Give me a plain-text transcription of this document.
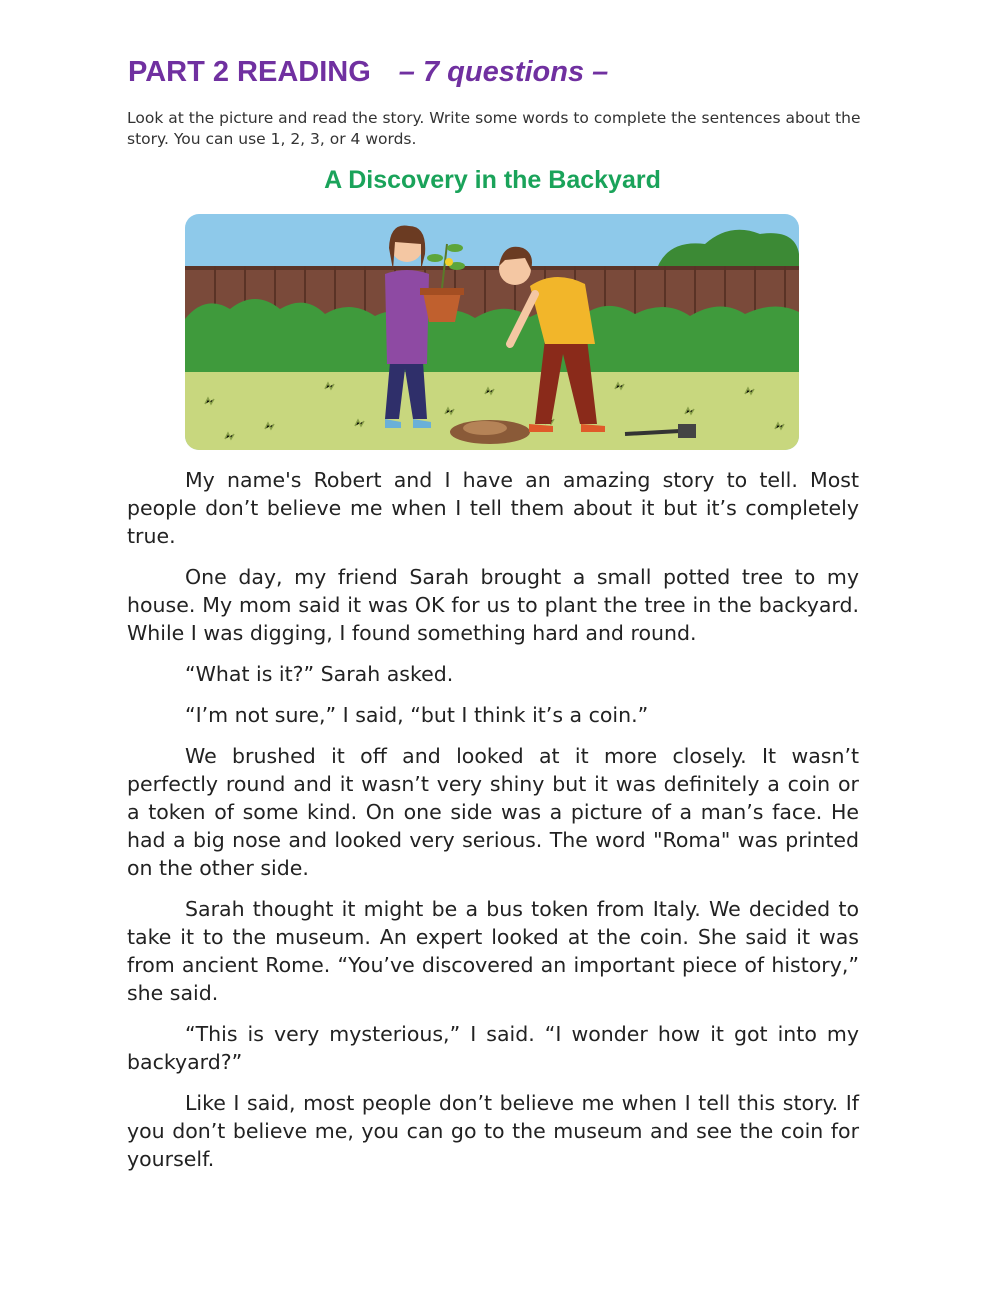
PART 2 READING – 7 questions –
Look at the picture and read the story. Write some words to complete the sentences about the story. You can use 1, 2, 3, or 4 words.
A Discovery in the Backyard

My name's Robert and I have an amazing story to tell. Most people don’t believe me when I tell them about it but it’s completely true.

One day, my friend Sarah brought a small potted tree to my house. My mom said it was OK for us to plant the tree in the backyard. While I was digging, I found something hard and round.

“What is it?” Sarah asked.

“I’m not sure,” I said, “but I think it’s a coin.”

We brushed it off and looked at it more closely. It wasn’t perfectly round and it wasn’t very shiny but it was definitely a coin or a token of some kind. On one side was a picture of a man’s face. He had a big nose and looked very serious. The word "Roma" was printed on the other side.

Sarah thought it might be a bus token from Italy. We decided to take it to the museum. An expert looked at the coin. She said it was from ancient Rome. “You’ve discovered an important piece of history,” she said.

“This is very mysterious,” I said. “I wonder how it got into my backyard?”

Like I said, most people don’t believe me when I tell this story. If you don’t believe me, you can go to the museum and see the coin for yourself.
